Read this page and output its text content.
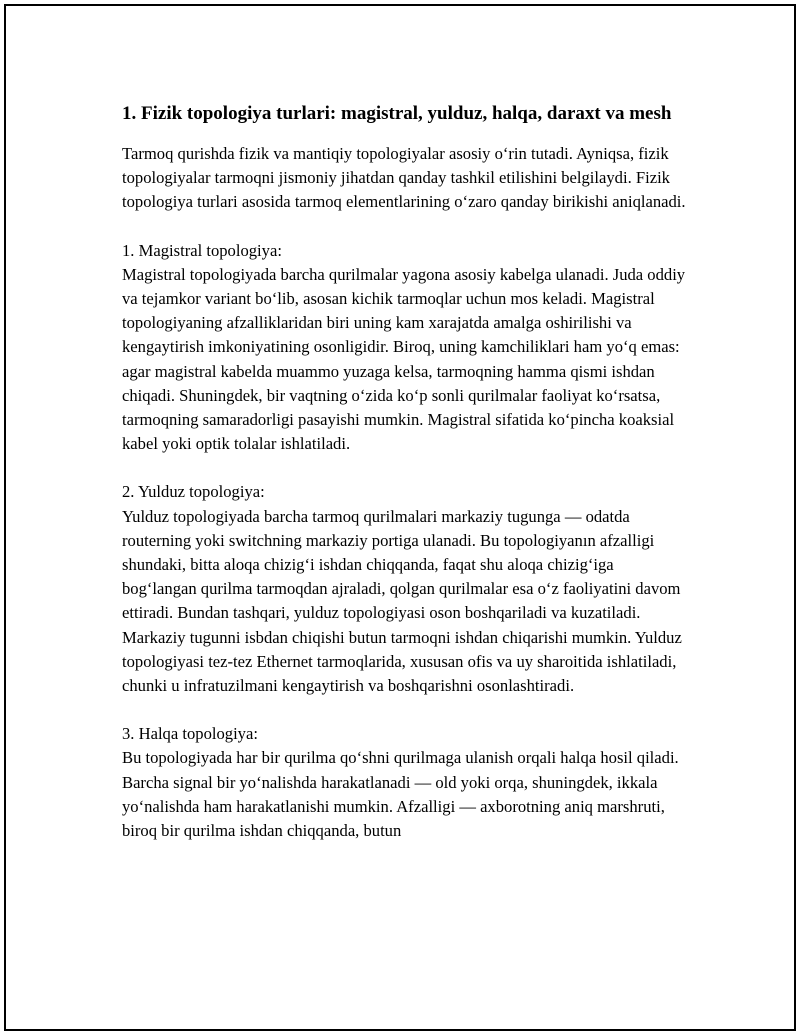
1. Fizik topologiya turlari: magistral, yulduz, halqa, daraxt va mesh
Tarmoq qurishda fizik va mantiqiy topologiyalar asosiy o‘rin tutadi. Ayniqsa, fizik topologiyalar tarmoqni jismoniy jihatdan qanday tashkil etilishini belgilaydi. Fizik topologiya turlari asosida tarmoq elementlarining o‘zaro qanday birikishi aniqlanadi.
1. Magistral topologiya:
Magistral topologiyada barcha qurilmalar yagona asosiy kabelga ulanadi. Juda oddiy va tejamkor variant bo‘lib, asosan kichik tarmoqlar uchun mos keladi. Magistral topologiyaning afzalliklaridan biri uning kam xarajatda amalga oshirilishi va kengaytirish imkoniyatining osonligidir. Biroq, uning kamchiliklari ham yo‘q emas: agar magistral kabelda muammo yuzaga kelsa, tarmoqning hamma qismi ishdan chiqadi. Shuningdek, bir vaqtning o‘zida ko‘p sonli qurilmalar faoliyat ko‘rsatsa, tarmoqning samaradorligi pasayishi mumkin. Magistral sifatida ko‘pincha koaksial kabel yoki optik tolalar ishlatiladi.
2. Yulduz topologiya:
Yulduz topologiyada barcha tarmoq qurilmalari markaziy tugunga — odatda routerning yoki switchning markaziy portiga ulanadi. Bu topologiyanın afzalligi shundaki, bitta aloqa chizig‘i ishdan chiqqanda, faqat shu aloqa chizig‘iga bog‘langan qurilma tarmoqdan ajraladi, qolgan qurilmalar esa o‘z faoliyatini davom ettiradi. Bundan tashqari, yulduz topologiyasi oson boshqariladi va kuzatiladi. Markaziy tugunni isbdan chiqishi butun tarmoqni ishdan chiqarishi mumkin. Yulduz topologiyasi tez-tez Ethernet tarmoqlarida, xususan ofis va uy sharoitida ishlatiladi, chunki u infratuzilmani kengaytirish va boshqarishni osonlashtiradi.
3. Halqa topologiya:
Bu topologiyada har bir qurilma qo‘shni qurilmaga ulanish orqali halqa hosil qiladi. Barcha signal bir yo‘nalishda harakatlanadi — old yoki orqa, shuningdek, ikkala yo‘nalishda ham harakatlanishi mumkin. Afzalligi — axborotning aniq marshruti, biroq bir qurilma ishdan chiqqanda, butun
